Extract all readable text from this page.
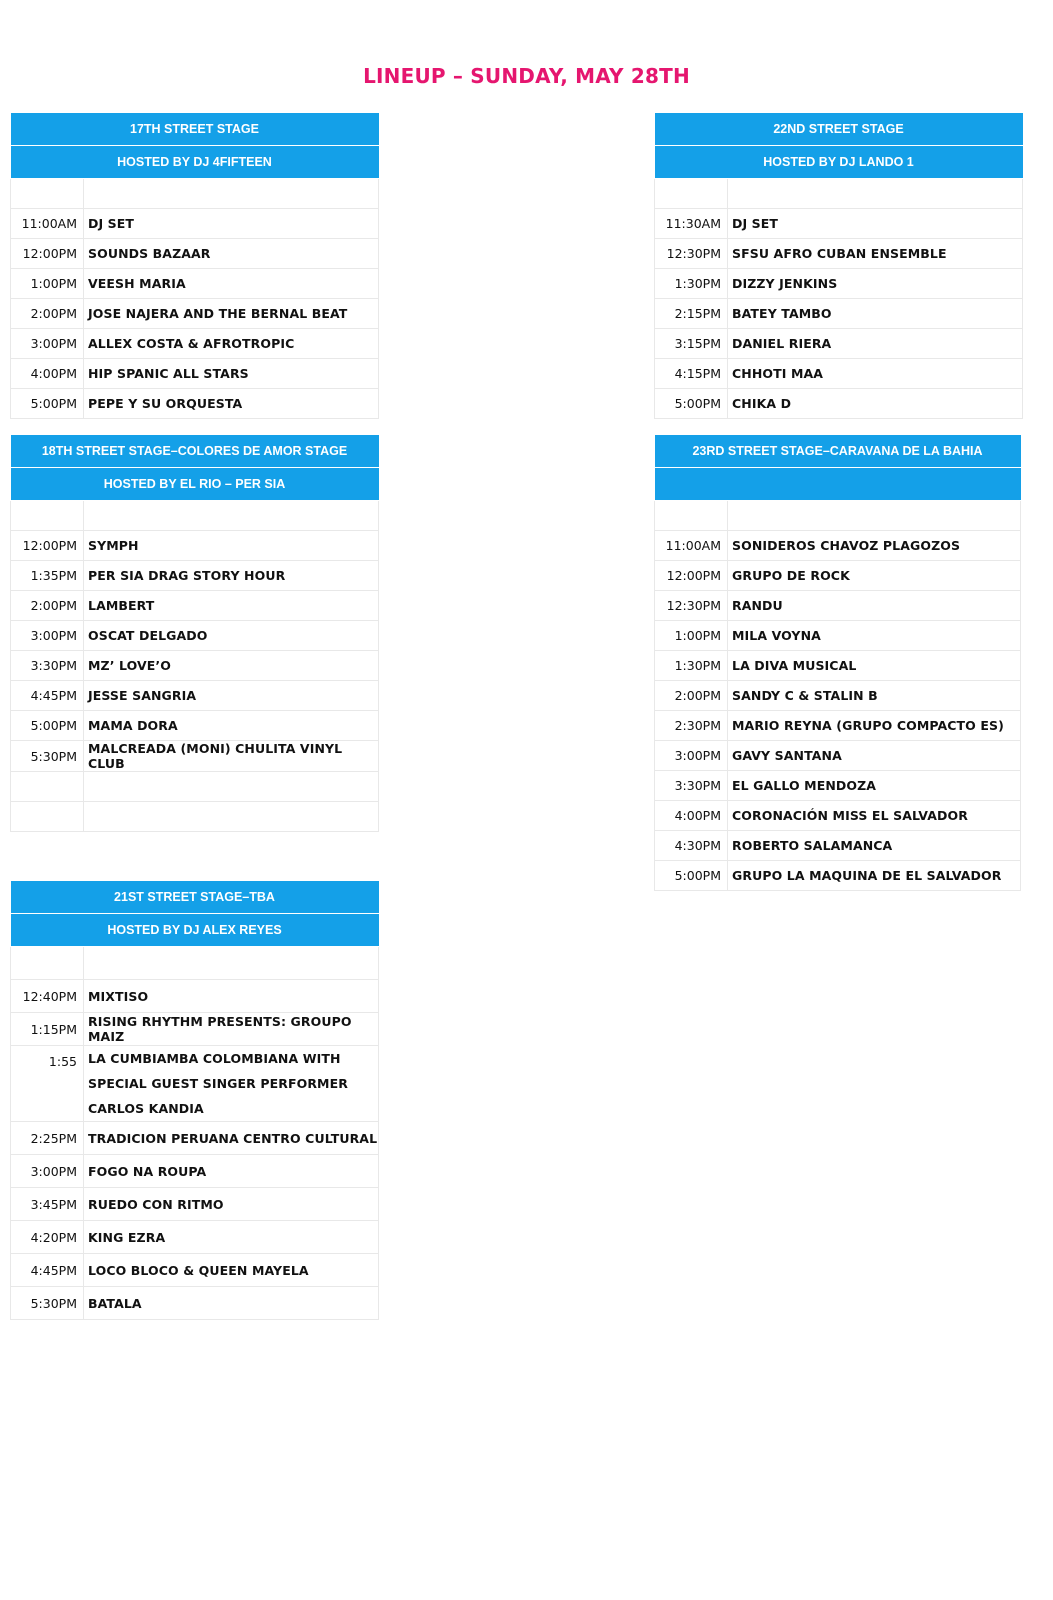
LINEUP – SUNDAY, MAY 28TH
17TH STREET STAGE	
HOSTED BY DJ 4FIFTEEN	

11:00AM	DJ SET
12:00PM	SOUNDS BAZAAR
1:00PM	VEESH MARIA
2:00PM	JOSE NAJERA AND THE BERNAL BEAT
3:00PM	ALLEX COSTA & AFROTROPIC
4:00PM	HIP SPANIC ALL STARS
5:00PM	PEPE Y SU ORQUESTA
22ND STREET STAGE	
HOSTED BY DJ LANDO 1	

11:30AM	DJ SET
12:30PM	SFSU AFRO CUBAN ENSEMBLE
1:30PM	DIZZY JENKINS
2:15PM	BATEY TAMBO
3:15PM	DANIEL RIERA
4:15PM	CHHOTI MAA
5:00PM	CHIKA D
18TH STREET STAGE–COLORES DE AMOR STAGE	
HOSTED BY EL RIO – PER SIA	

12:00PM	SYMPH
1:35PM	PER SIA DRAG STORY HOUR
2:00PM	LAMBERT
3:00PM	OSCAT DELGADO
3:30PM	MZ’ LOVE’O
4:45PM	JESSE SANGRIA
5:00PM	MAMA DORA
5:30PM	MALCREADA (MONI) CHULITA VINYL CLUB

23RD STREET STAGE–CARAVANA DE LA BAHIA	

11:00AM	SONIDEROS CHAVOZ PLAGOZOS
12:00PM	GRUPO DE ROCK
12:30PM	RANDU
1:00PM	MILA VOYNA
1:30PM	LA DIVA MUSICAL
2:00PM	SANDY C & STALIN B
2:30PM	MARIO REYNA (GRUPO COMPACTO ES)
3:00PM	GAVY SANTANA
3:30PM	EL GALLO MENDOZA
4:00PM	CORONACIÓN MISS EL SALVADOR
4:30PM	ROBERTO SALAMANCA
5:00PM	GRUPO LA MAQUINA DE EL SALVADOR
21ST STREET STAGE–TBA	
HOSTED BY DJ ALEX REYES	

12:40PM	MIXTISO
1:15PM	RISING RHYTHM PRESENTS: GROUPO MAIZ
1:55	LA CUMBIAMBA COLOMBIANA WITH SPECIAL GUEST SINGER PERFORMER CARLOS KANDIA
2:25PM	TRADICION PERUANA CENTRO CULTURAL
3:00PM	FOGO NA ROUPA
3:45PM	RUEDO CON RITMO
4:20PM	KING EZRA
4:45PM	LOCO BLOCO & QUEEN MAYELA
5:30PM	BATALA
